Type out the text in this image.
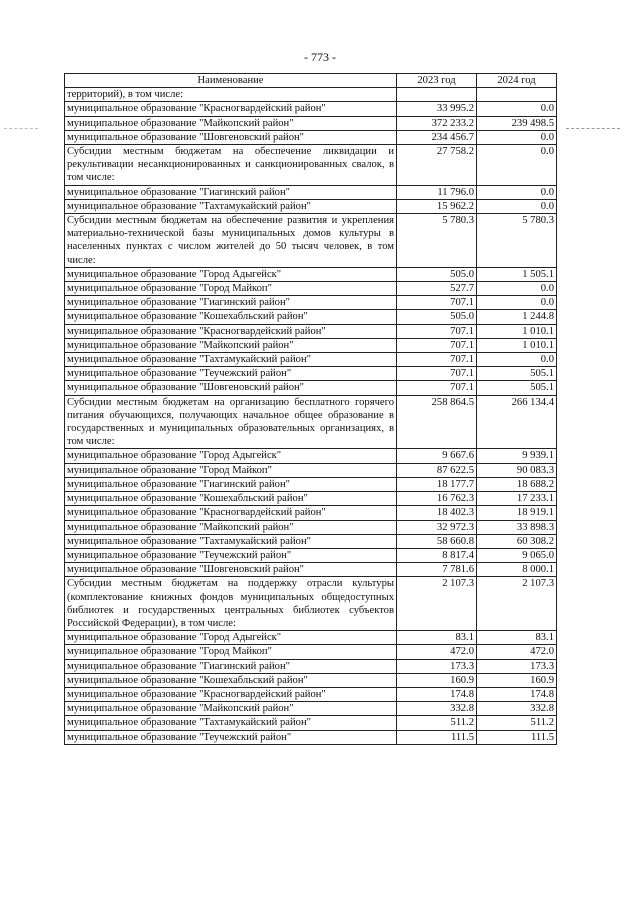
- 773 -
Наименование	2023 год	2024 год
территорий), в том числе:		
муниципальное образование "Красногвардейский район"	33 995.2	0.0
муниципальное образование "Майкопский район"	372 233.2	239 498.5
муниципальное образование "Шовгеновский район"	234 456.7	0.0
Субсидии местным бюджетам на обеспечение ликвидации и рекультивации несанкционированных и санкционированных свалок, в том числе:	27 758.2	0.0
муниципальное образование "Гиагинский район"	11 796.0	0.0
муниципальное образование "Тахтамукайский район"	15 962.2	0.0
Субсидии местным бюджетам на обеспечение развития и укрепления материально-технической базы муниципальных домов культуры в населенных пунктах с числом жителей до 50 тысяч человек, в том числе:	5 780.3	5 780.3
муниципальное образование "Город Адыгейск"	505.0	1 505.1
муниципальное образование "Город Майкоп"	527.7	0.0
муниципальное образование "Гиагинский район"	707.1	0.0
муниципальное образование "Кошехабльский район"	505.0	1 244.8
муниципальное образование "Красногвардейский район"	707.1	1 010.1
муниципальное образование "Майкопский район"	707.1	1 010.1
муниципальное образование "Тахтамукайский район"	707.1	0.0
муниципальное образование "Теучежский район"	707.1	505.1
муниципальное образование "Шовгеновский район"	707.1	505.1
Субсидии местным бюджетам на организацию бесплатного горячего питания обучающихся, получающих начальное общее образование в государственных и муниципальных образовательных организациях, в том числе:	258 864.5	266 134.4
муниципальное образование "Город Адыгейск"	9 667.6	9 939.1
муниципальное образование "Город Майкоп"	87 622.5	90 083.3
муниципальное образование "Гиагинский район"	18 177.7	18 688.2
муниципальное образование "Кошехабльский район"	16 762.3	17 233.1
муниципальное образование "Красногвардейский район"	18 402.3	18 919.1
муниципальное образование "Майкопский район"	32 972.3	33 898.3
муниципальное образование "Тахтамукайский район"	58 660.8	60 308.2
муниципальное образование "Теучежский район"	8 817.4	9 065.0
муниципальное образование "Шовгеновский район"	7 781.6	8 000.1
Субсидии местным бюджетам на поддержку отрасли культуры (комплектование книжных фондов муниципальных общедоступных библиотек и государственных центральных библиотек субъектов Российской Федерации), в том числе:	2 107.3	2 107.3
муниципальное образование "Город Адыгейск"	83.1	83.1
муниципальное образование "Город Майкоп"	472.0	472.0
муниципальное образование "Гиагинский район"	173.3	173.3
муниципальное образование "Кошехабльский район"	160.9	160.9
муниципальное образование "Красногвардейский район"	174.8	174.8
муниципальное образование "Майкопский район"	332.8	332.8
муниципальное образование "Тахтамукайский район"	511.2	511.2
муниципальное образование "Теучежский район"	111.5	111.5
